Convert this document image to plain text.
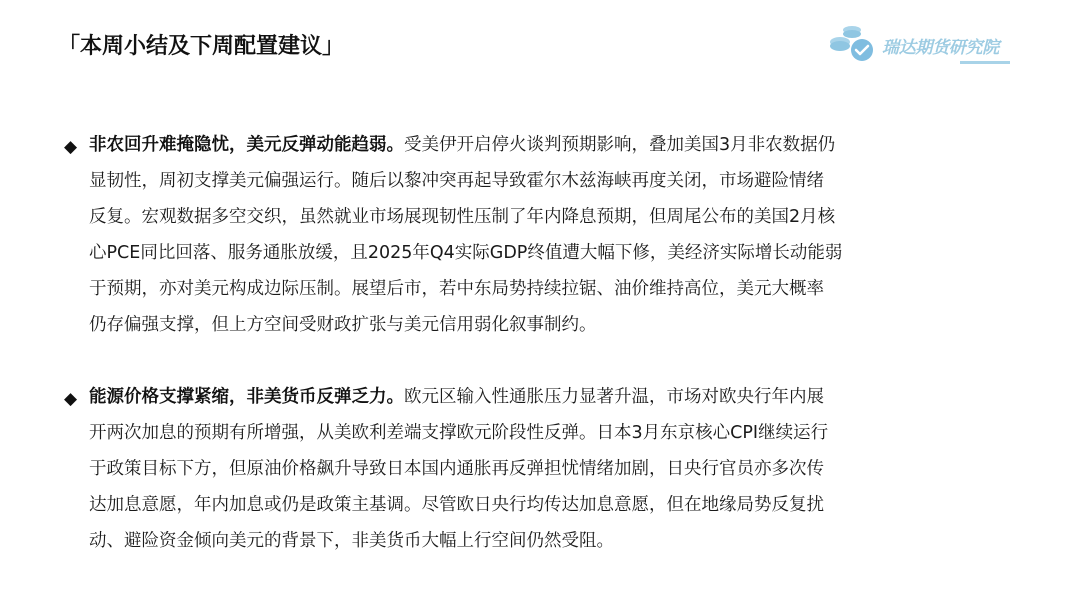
「本周小结及下周配置建议」	瑞达期货研究院
◆ 非农回升难掩隐忧，美元反弹动能趋弱。受美伊开启停火谈判预期影响，叠加美国3月非农数据仍
显韧性，周初支撑美元偏强运行。随后以黎冲突再起导致霍尔木兹海峡再度关闭，市场避险情绪
反复。宏观数据多空交织，虽然就业市场展现韧性压制了年内降息预期，但周尾公布的美国2月核
心PCE同比回落、服务通胀放缓，且2025年Q4实际GDP终值遭大幅下修，美经济实际增长动能弱
于预期，亦对美元构成边际压制。展望后市，若中东局势持续拉锯、油价维持高位，美元大概率
仍存偏强支撑，但上方空间受财政扩张与美元信用弱化叙事制约。
◆ 能源价格支撑紧缩，非美货币反弹乏力。欧元区输入性通胀压力显著升温，市场对欧央行年内展
开两次加息的预期有所增强，从美欧利差端支撑欧元阶段性反弹。日本3月东京核心CPI继续运行
于政策目标下方，但原油价格飙升导致日本国内通胀再反弹担忧情绪加剧，日央行官员亦多次传
达加息意愿，年内加息或仍是政策主基调。尽管欧日央行均传达加息意愿，但在地缘局势反复扰
动、避险资金倾向美元的背景下，非美货币大幅上行空间仍然受阻。
